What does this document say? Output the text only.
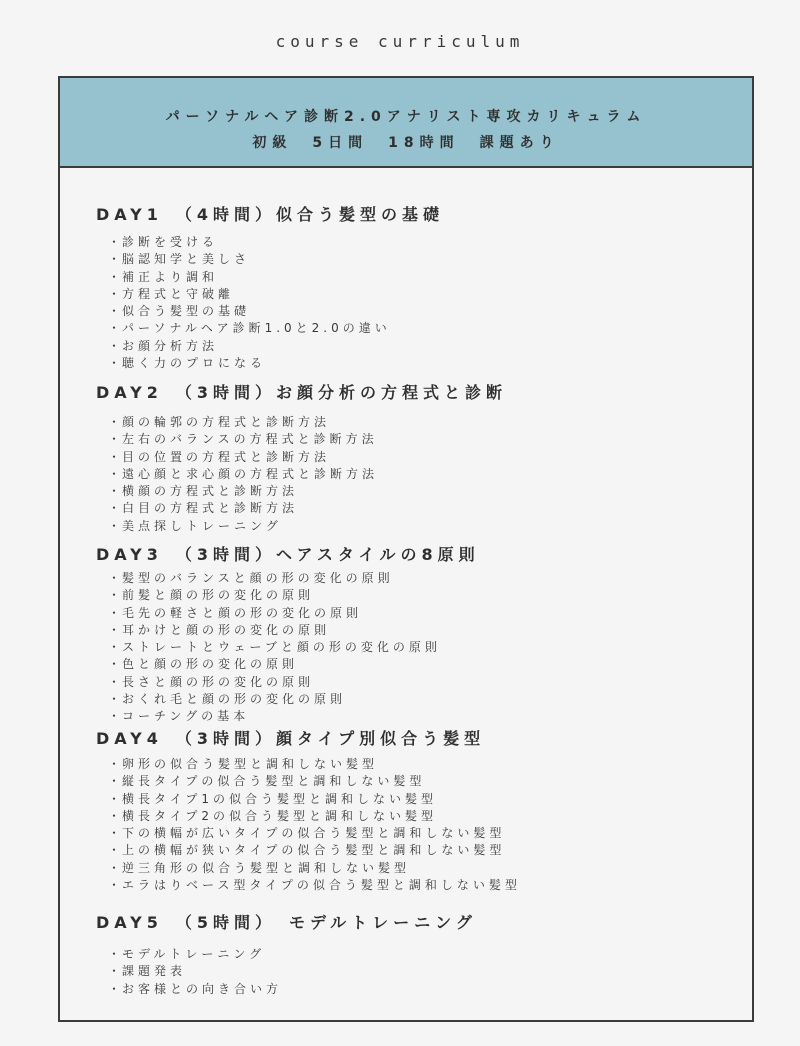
course curriculum
パーソナルヘア診断2.0アナリスト専攻カリキュラム
初級　5日間　18時間　課題あり
DAY1　（4時間）似合う髪型の基礎
・ 診断を受ける
・ 脳認知学と美しさ
・ 補正より調和
・ 方程式と守破離
・ 似合う髪型の基礎
・ パーソナルヘア診断1.0と2.0の違い
・ お顔分析方法
・ 聴く力のプロになる
DAY2　（3時間）お顔分析の方程式と診断
・ 顔の輪郭の方程式と診断方法
・ 左右のバランスの方程式と診断方法
・ 目の位置の方程式と診断方法
・ 遠心顔と求心顔の方程式と診断方法
・ 横顔の方程式と診断方法
・ 白目の方程式と診断方法
・ 美点探しトレーニング
DAY3　（3時間）ヘアスタイルの8原則
・ 髪型のバランスと顔の形の変化の原則
・ 前髪と顔の形の変化の原則
・ 毛先の軽さと顔の形の変化の原則
・ 耳かけと顔の形の変化の原則
・ ストレートとウェーブと顔の形の変化の原則
・ 色と顔の形の変化の原則
・ 長さと顔の形の変化の原則
・ おくれ毛と顔の形の変化の原則
・ コーチングの基本
DAY4　（3時間）顔タイプ別似合う髪型
・ 卵形の似合う髪型と調和しない髪型
・ 縦長タイプの似合う髪型と調和しない髪型
・ 横長タイプ1の似合う髪型と調和しない髪型
・ 横長タイプ2の似合う髪型と調和しない髪型
・ 下の横幅が広いタイプの似合う髪型と調和しない髪型
・ 上の横幅が狭いタイプの似合う髪型と調和しない髪型
・ 逆三角形の似合う髪型と調和しない髪型
・ エラはりベース型タイプの似合う髪型と調和しない髪型
DAY5　（5時間）　モデルトレーニング
・ モデルトレーニング
・ 課題発表
・ お客様との向き合い方
